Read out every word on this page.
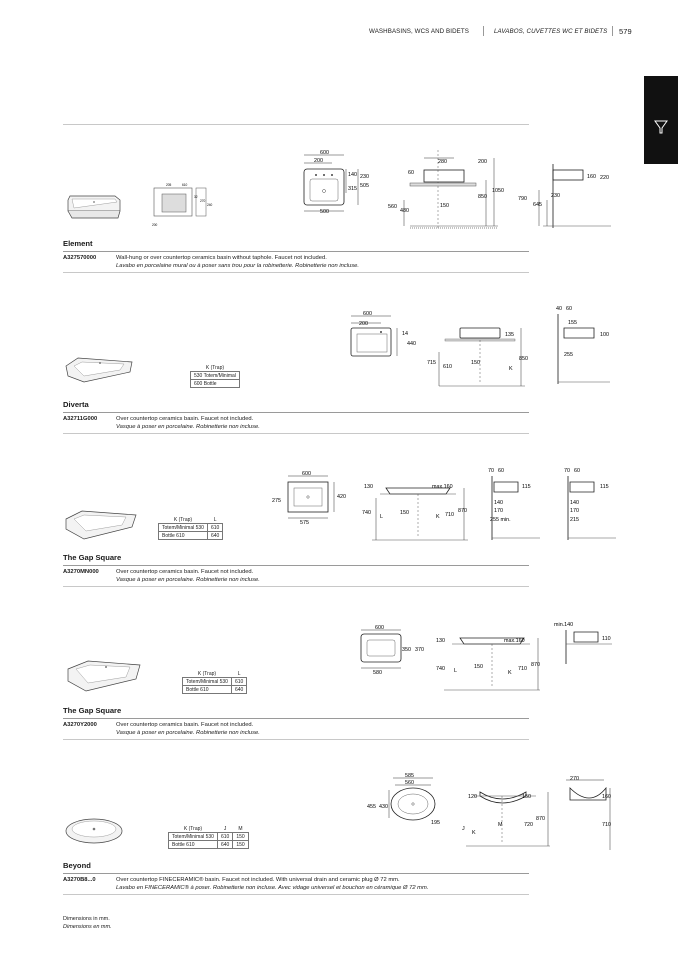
WASHBASINS, WCS AND BIDETS	LAVABOS, CUVETTES WC ET BIDETS 579
205	610
32
270
240
200
600
200
140 230
315 505
500
280	200
60
1050
850
560
480
150
160 220
230
790
645
Element
A327570000	Wall-hung or over countertop ceramics basin without taphole. Faucet not included.
Lavabo en porcelaine mural ou à poser sans trou pour la robinetterie. Robinetterie non incluse.
K (Trap)
530 Totem/Minimal
600 Bottle
600
200
14
440
135
850
715
610
150
K
40 60
155
100
255
Diverta
A32711G000	Over countertop ceramics basin. Faucet not included.
Vasque à poser en porcelaine. Robinetterie non incluse.
K (Trap)	L
Totem/Minimal 530	610
Bottle 610	640
600
275
420
575
130	max.160
870
740
L
150
K 710
70 60
115
140
170
255 min.
70 60
115
140
170
215
The Gap Square
A3270MN000	Over countertop ceramics basin. Faucet not included.
Vasque à poser en porcelaine. Robinetterie non incluse.
K (Trap)	L
Totem/Minimal 530	610
Bottle 610	640
600
350 370
580
130	max.160
870
740 L
150
K
710
min.140
110
The Gap Square
A3270Y2000	Over countertop ceramics basin. Faucet not included.
Vasque à poser en porcelaine. Robinetterie non incluse.
K (Trap)	J	M
Totem/Minimal 530	610	150
Bottle 610	640	150
585
560
455 430
195
120	150
870
M	720
J
K
270
160
710
Beyond
A3270B8...0	Over countertop FINECERAMIC® basin. Faucet not included. With universal drain and ceramic plug Ø 72 mm.
Lavabo en FINECERAMIC® à poser. Robinetterie non incluse. Avec vidage universel et bouchon en céramique Ø 72 mm.
Dimensions in mm.
Dimensions en mm.
